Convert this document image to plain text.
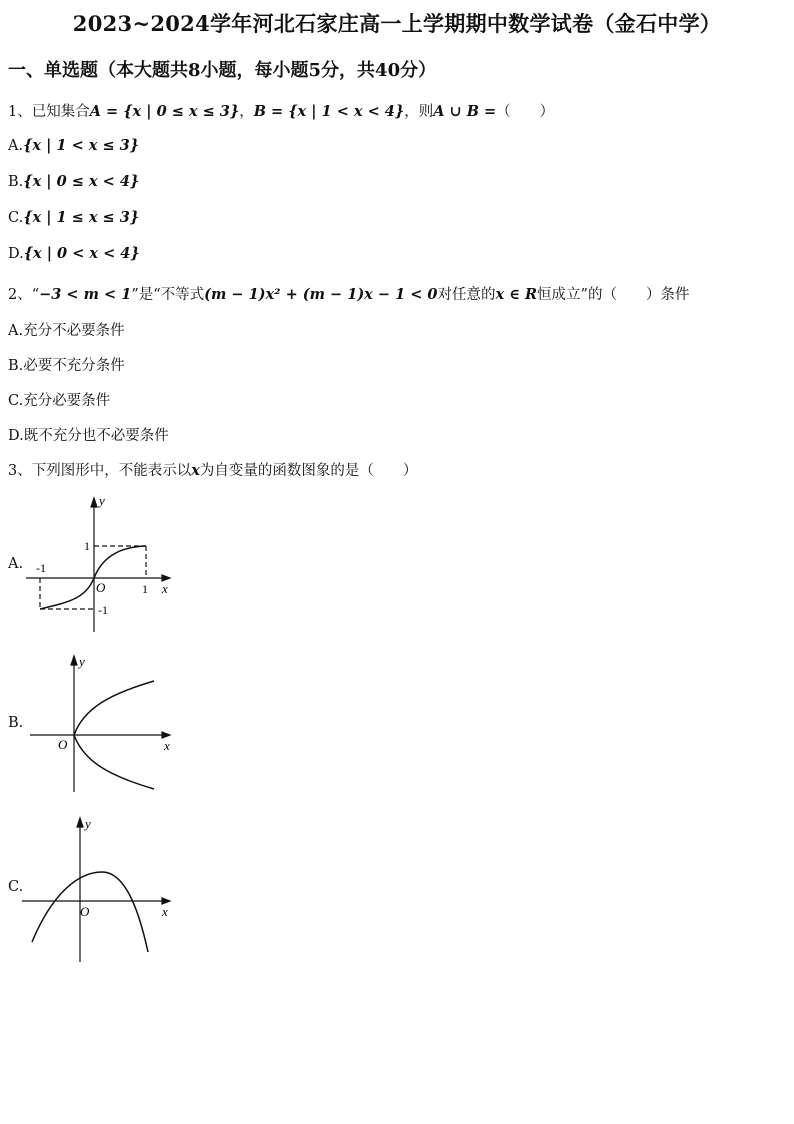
2023~2024学年河北石家庄高一上学期期中数学试卷（金石中学）
一、单选题（本大题共8小题，每小题5分，共40分）
1、已知集合A = {x | 0 ≤ x ≤ 3}，B = {x | 1 < x < 4}，则A ∪ B =（　　）
A.{x | 1 < x ≤ 3}
B.{x | 0 ≤ x < 4}
C.{x | 1 ≤ x ≤ 3}
D.{x | 0 < x < 4}
2、“−3 < m < 1”是“不等式(m − 1)x² + (m − 1)x − 1 < 0对任意的x ∈ R恒成立”的（　　）条件
A.充分不必要条件
B.必要不充分条件
C.充分必要条件
D.既不充分也不必要条件
3、下列图形中，不能表示以x为自变量的函数图象的是（　　）
A. -1
1
1
-1
O	x
y
B.
O	x
y
C.
O	x
y
